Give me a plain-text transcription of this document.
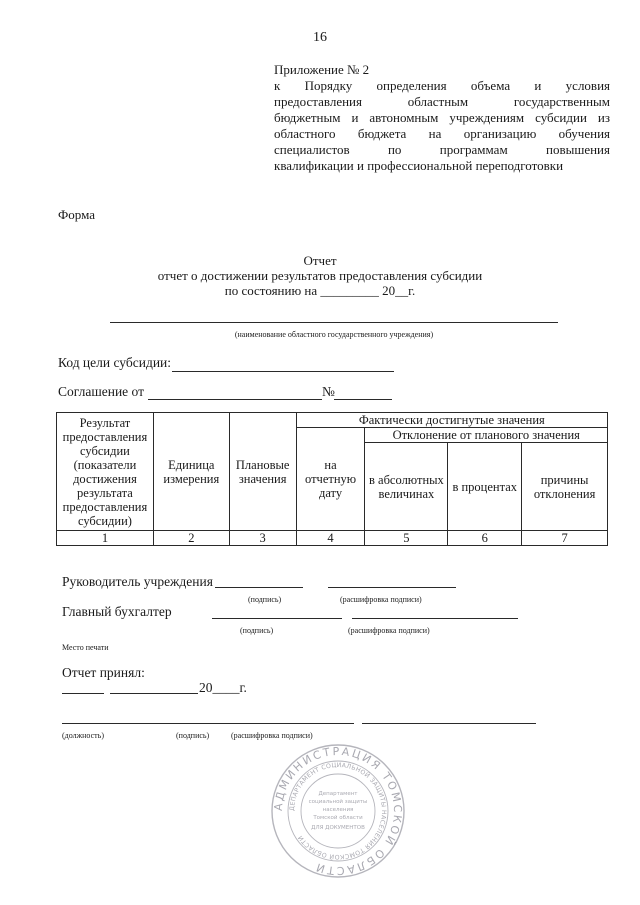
16
Приложение № 2
к Порядку определения объема и условия
предоставления областным государственным
бюджетным и автономным учреждениям субсидии из
областного бюджета на организацию обучения
специалистов по программам повышения
квалификации и профессиональной переподготовки
Форма
Отчет
отчет о достижении результатов предоставления субсидии
по состоянию на _________ 20__г.
(наименование областного государственного учреждения)
Код цели субсидии:
Соглашение от	№
Результат предоставления субсидии (показатели достижения результата предоставления субсидии)	Единица измерения	Плановые значения	Фактически достигнутые значения			
			на отчетную дату	Отклонение от планового значения		
				в абсолютных величинах	в процентах	причины отклонения
1	2	3	4	5	6	7
Руководитель учреждения
(подпись)	(расшифровка подписи)
Главный бухгалтер
(подпись)	(расшифровка подписи)
Место печати
Отчет принял:
20____г.
(должность)	(подпись)	(расшифровка подписи)
АДМИНИСТРАЦИЯ ТОМСКОЙ ОБЛАСТИ
ДЕПАРТАМЕНТ СОЦИАЛЬНОЙ ЗАЩИТЫ НАСЕЛЕНИЯ ТОМСКОЙ ОБЛАСТИ
Департамент
социальной защиты
населения
Томской области
ДЛЯ ДОКУМЕНТОВ
